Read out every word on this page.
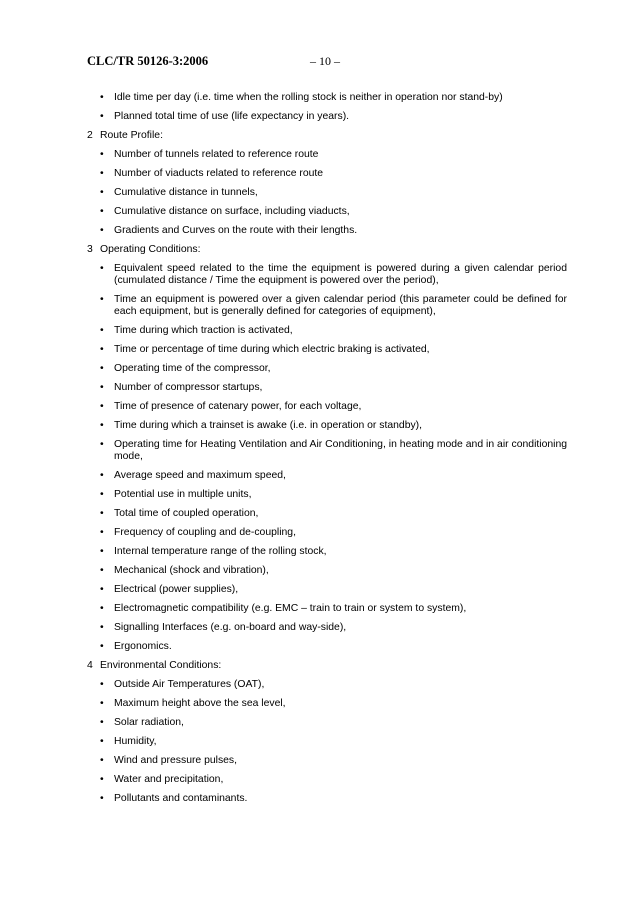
CLC/TR 50126-3:2006	– 10 –
• Idle time per day (i.e. time when the rolling stock is neither in operation nor stand-by)
• Planned total time of use (life expectancy in years).
2 Route Profile:
• Number of tunnels related to reference route
• Number of viaducts related to reference route
• Cumulative distance in tunnels,
• Cumulative distance on surface, including viaducts,
• Gradients and Curves on the route with their lengths.
3 Operating Conditions:
• Equivalent speed related to the time the equipment is powered during a given calendar period (cumulated distance / Time the equipment is powered over the period),
• Time an equipment is powered over a given calendar period (this parameter could be defined for each equipment, but is generally defined for categories of equipment),
• Time during which traction is activated,
• Time or percentage of time during which electric braking is activated,
• Operating time of the compressor,
• Number of compressor startups,
• Time of presence of catenary power, for each voltage,
• Time during which a trainset is awake (i.e. in operation or standby),
• Operating time for Heating Ventilation and Air Conditioning, in heating mode and in air conditioning mode,
• Average speed and maximum speed,
• Potential use in multiple units,
• Total time of coupled operation,
• Frequency of coupling and de-coupling,
• Internal temperature range of the rolling stock,
• Mechanical (shock and vibration),
• Electrical (power supplies),
• Electromagnetic compatibility (e.g. EMC – train to train or system to system),
• Signalling Interfaces (e.g. on-board and way-side),
• Ergonomics.
4 Environmental Conditions:
• Outside Air Temperatures (OAT),
• Maximum height above the sea level,
• Solar radiation,
• Humidity,
• Wind and pressure pulses,
• Water and precipitation,
• Pollutants and contaminants.
